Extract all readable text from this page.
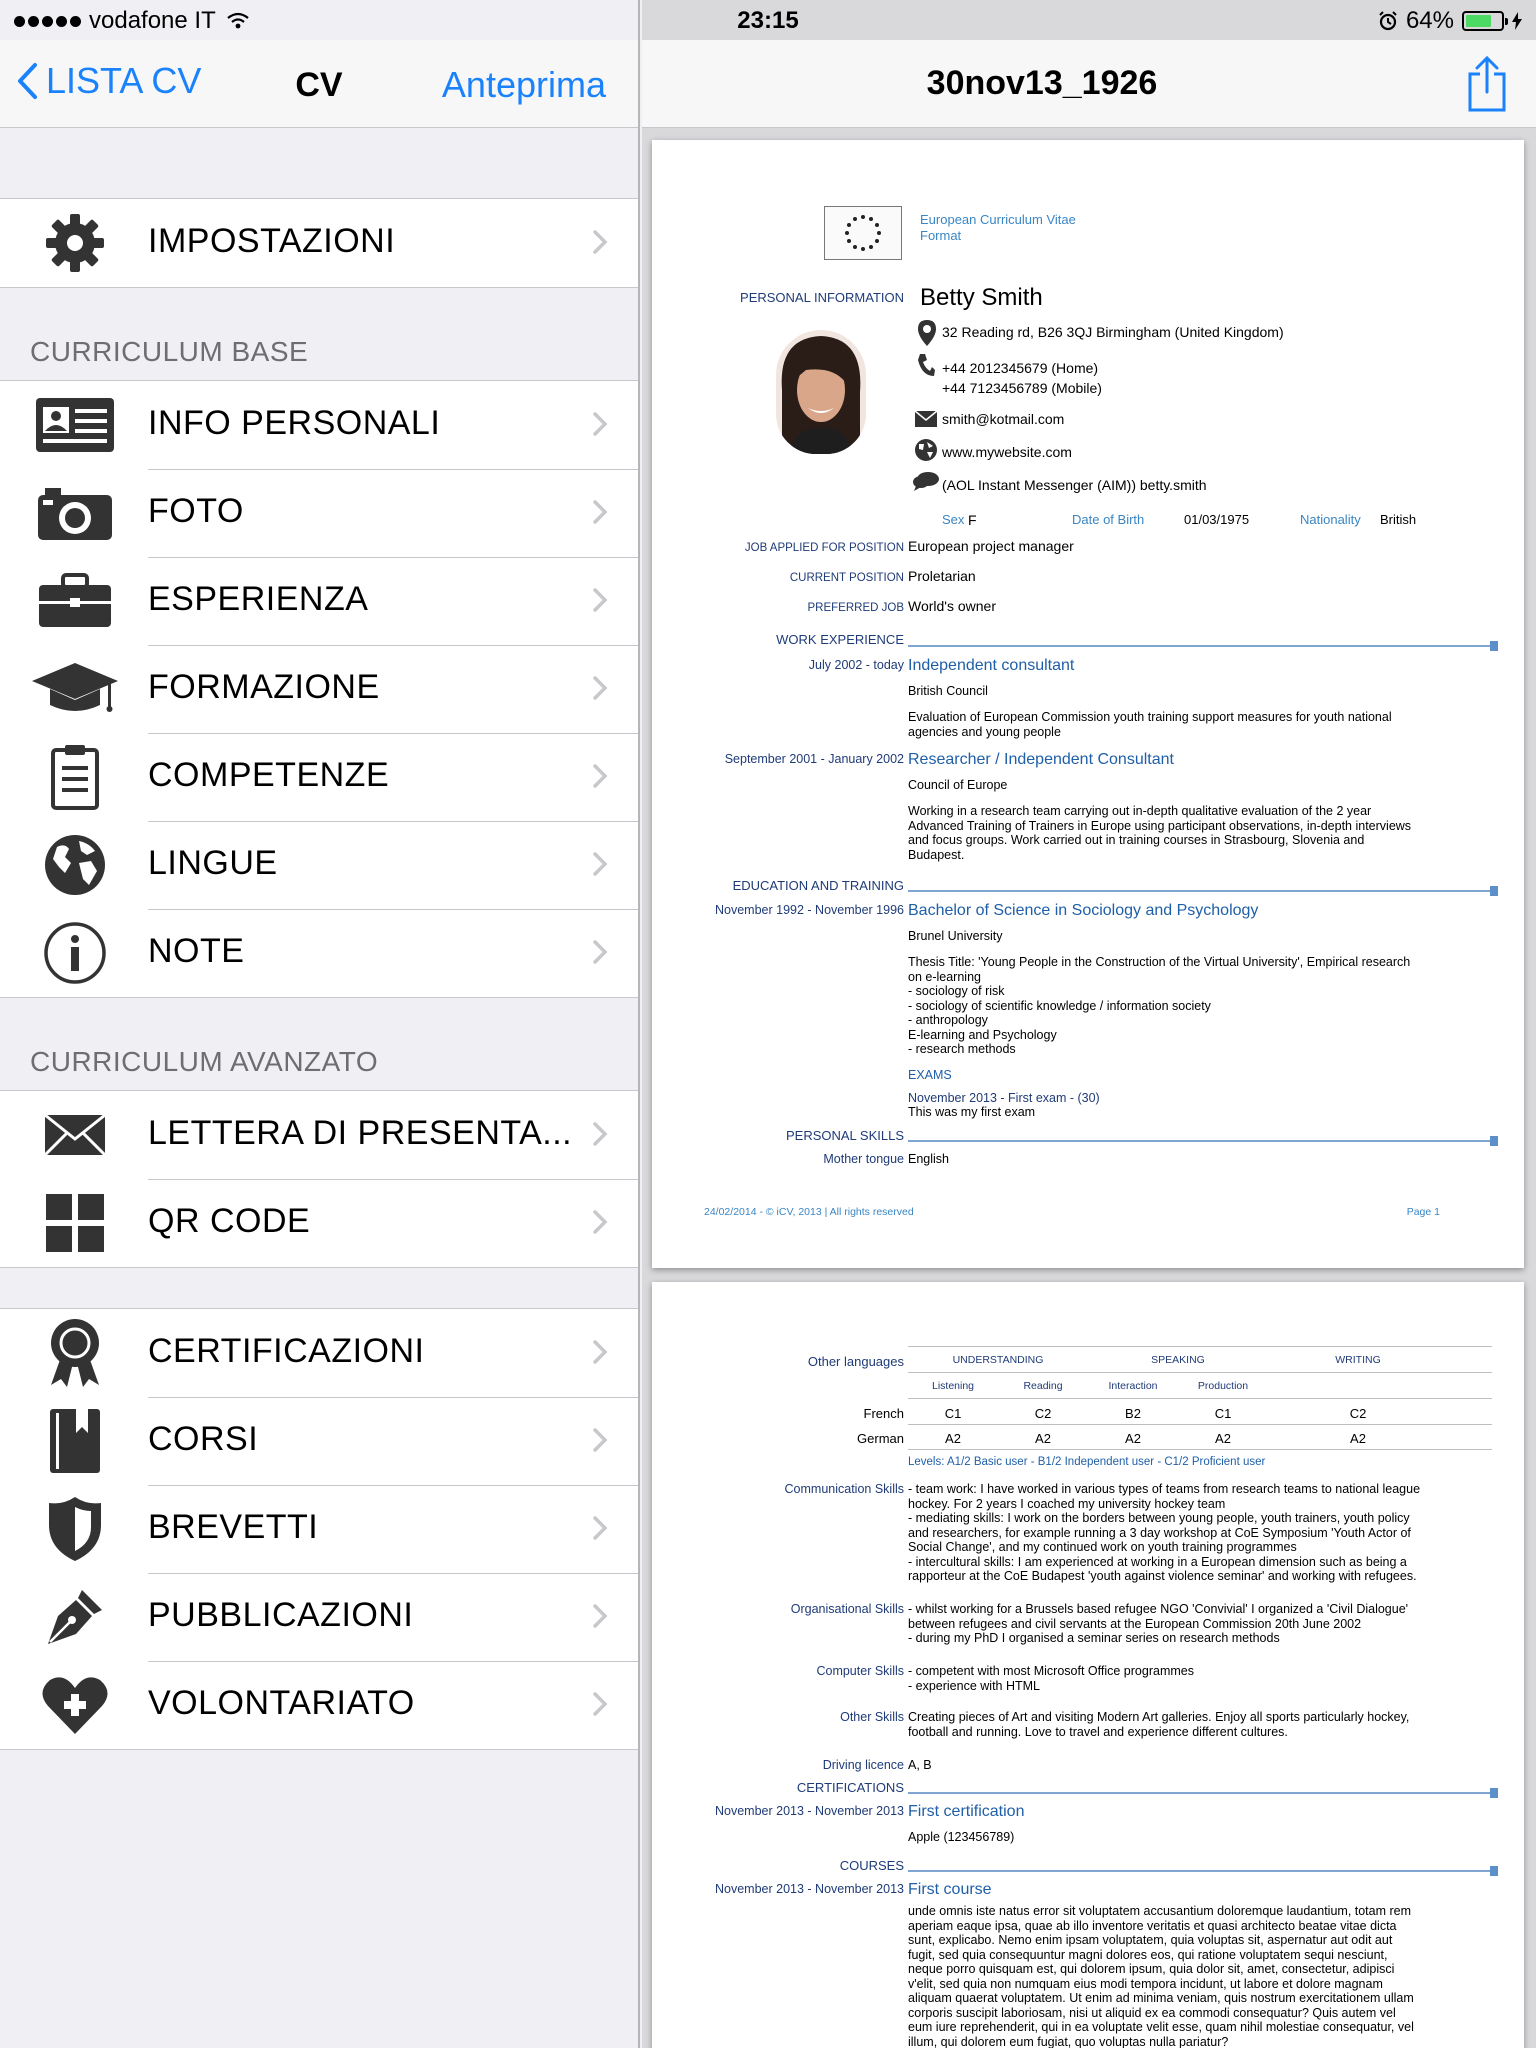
LISTA CV	CV	Anteprima
IMPOSTAZIONI
CURRICULUM BASE
INFO PERSONALI
FOTO
ESPERIENZA
FORMAZIONE
COMPETENZE
LINGUE
NOTE
CURRICULUM AVANZATO
LETTERA DI PRESENTA...
QR CODE
CERTIFICAZIONI
CORSI
BREVETTI
PUBBLICAZIONI
VOLONTARIATO
30nov13_1926
European Curriculum Vitae
Format
PERSONAL INFORMATION Betty Smith
32 Reading rd, B26 3QJ Birmingham (United Kingdom)
+44 2012345679 (Home)
+44 7123456789 (Mobile)
smith@kotmail.com
www.mywebsite.com
(AOL Instant Messenger (AIM)) betty.smith
Sex F	Date of Birth	01/03/1975	Nationality British
JOB APPLIED FOR POSITION European project manager
CURRENT POSITION Proletarian
PREFERRED JOB World's owner
WORK EXPERIENCE
July 2002 - today Independent consultant
British Council
Evaluation of European Commission youth training support measures for youth national
agencies and young people
September 2001 - January 2002 Researcher / Independent Consultant
Council of Europe
Working in a research team carrying out in-depth qualitative evaluation of the 2 year
Advanced Training of Trainers in Europe using participant observations, in-depth interviews
and focus groups. Work carried out in training courses in Strasbourg, Slovenia and
Budapest.
EDUCATION AND TRAINING
November 1992 - November 1996 Bachelor of Science in Sociology and Psychology
Brunel University
Thesis Title: 'Young People in the Construction of the Virtual University', Empirical research
on e-learning
- sociology of risk
- sociology of scientific knowledge / information society
- anthropology
E-learning and Psychology
- research methods
EXAMS
November 2013 - First exam - (30)
This was my first exam
PERSONAL SKILLS
Mother tongue English
24/02/2014 - © iCV, 2013 | All rights reserved	Page 1
Other languages	UNDERSTANDING	SPEAKING	WRITING
Listening	Reading	Interaction	Production
French	C1	C2	B2	C1	C2
German	A2	A2	A2	A2	A2
Levels: A1/2 Basic user - B1/2 Independent user - C1/2 Proficient user
Communication Skills - team work: I have worked in various types of teams from research teams to national league
hockey. For 2 years I coached my university hockey team
- mediating skills: I work on the borders between young people, youth trainers, youth policy
and researchers, for example running a 3 day workshop at CoE Symposium 'Youth Actor of
Social Change', and my continued work on youth training programmes
- intercultural skills: I am experienced at working in a European dimension such as being a
rapporteur at the CoE Budapest 'youth against violence seminar' and working with refugees.
Organisational Skills - whilst working for a Brussels based refugee NGO 'Convivial' I organized a 'Civil Dialogue'
between refugees and civil servants at the European Commission 20th June 2002
- during my PhD I organised a seminar series on research methods
Computer Skills - competent with most Microsoft Office programmes
- experience with HTML
Other Skills Creating pieces of Art and visiting Modern Art galleries. Enjoy all sports particularly hockey,
football and running. Love to travel and experience different cultures.
Driving licence A, B
CERTIFICATIONS
November 2013 - November 2013 First certification
Apple (123456789)
COURSES
November 2013 - November 2013 First course
unde omnis iste natus error sit voluptatem accusantium doloremque laudantium, totam rem
aperiam eaque ipsa, quae ab illo inventore veritatis et quasi architecto beatae vitae dicta
sunt, explicabo. Nemo enim ipsam voluptatem, quia voluptas sit, aspernatur aut odit aut
fugit, sed quia consequuntur magni dolores eos, qui ratione voluptatem sequi nesciunt,
neque porro quisquam est, qui dolorem ipsum, quia dolor sit, amet, consectetur, adipisci
v'elit, sed quia non numquam eius modi tempora incidunt, ut labore et dolore magnam
aliquam quaerat voluptatem. Ut enim ad minima veniam, quis nostrum exercitationem ullam
corporis suscipit laboriosam, nisi ut aliquid ex ea commodi consequatur? Quis autem vel
eum iure reprehenderit, qui in ea voluptate velit esse, quam nihil molestiae consequatur, vel
illum, qui dolorem eum fugiat, quo voluptas nulla pariatur?
vodafone IT	23:15	64%
